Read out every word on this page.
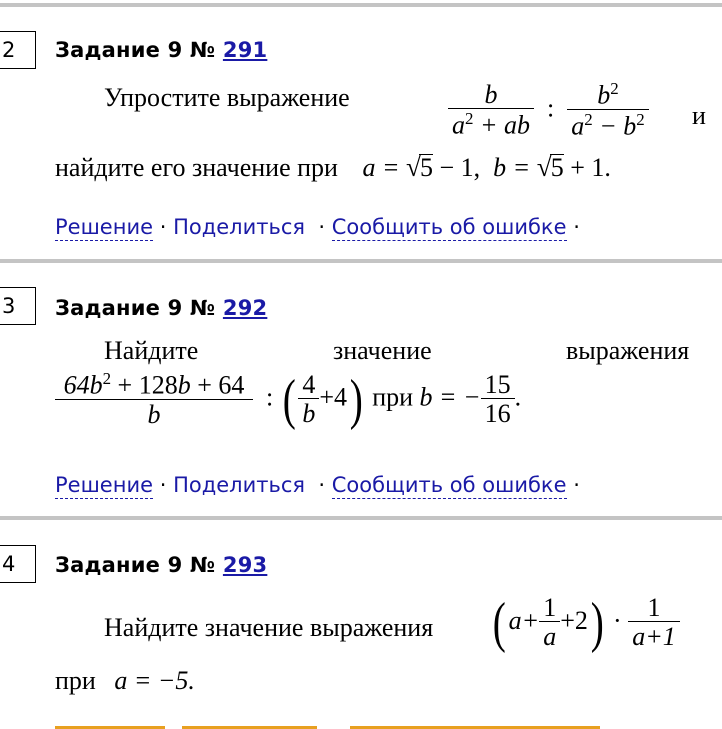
2 Задание 9 № 291
Упростите выражение	$\frac{b}{a^2 + ab}$ : $\frac{b^2}{a^2 - b^2}$ и
найдите его значение при a = √5 − 1,  b = √5 + 1.
Решение · Поделиться · Сообщить об ошибке ·
3 Задание 9 № 292
Найдите	значение	выражения
$\frac{64b^2 + 128b + 64}{b}$ : ( $\frac{4}{b} +4$) при b = − $\frac{15}{16}$ .
Решение · Поделиться · Сообщить об ошибке ·
4 Задание 9 № 293
Найдите значение выражения ( $a+ \frac{1}{a} +2) \cdot \frac{1}{a+1}$
при a = −5.
